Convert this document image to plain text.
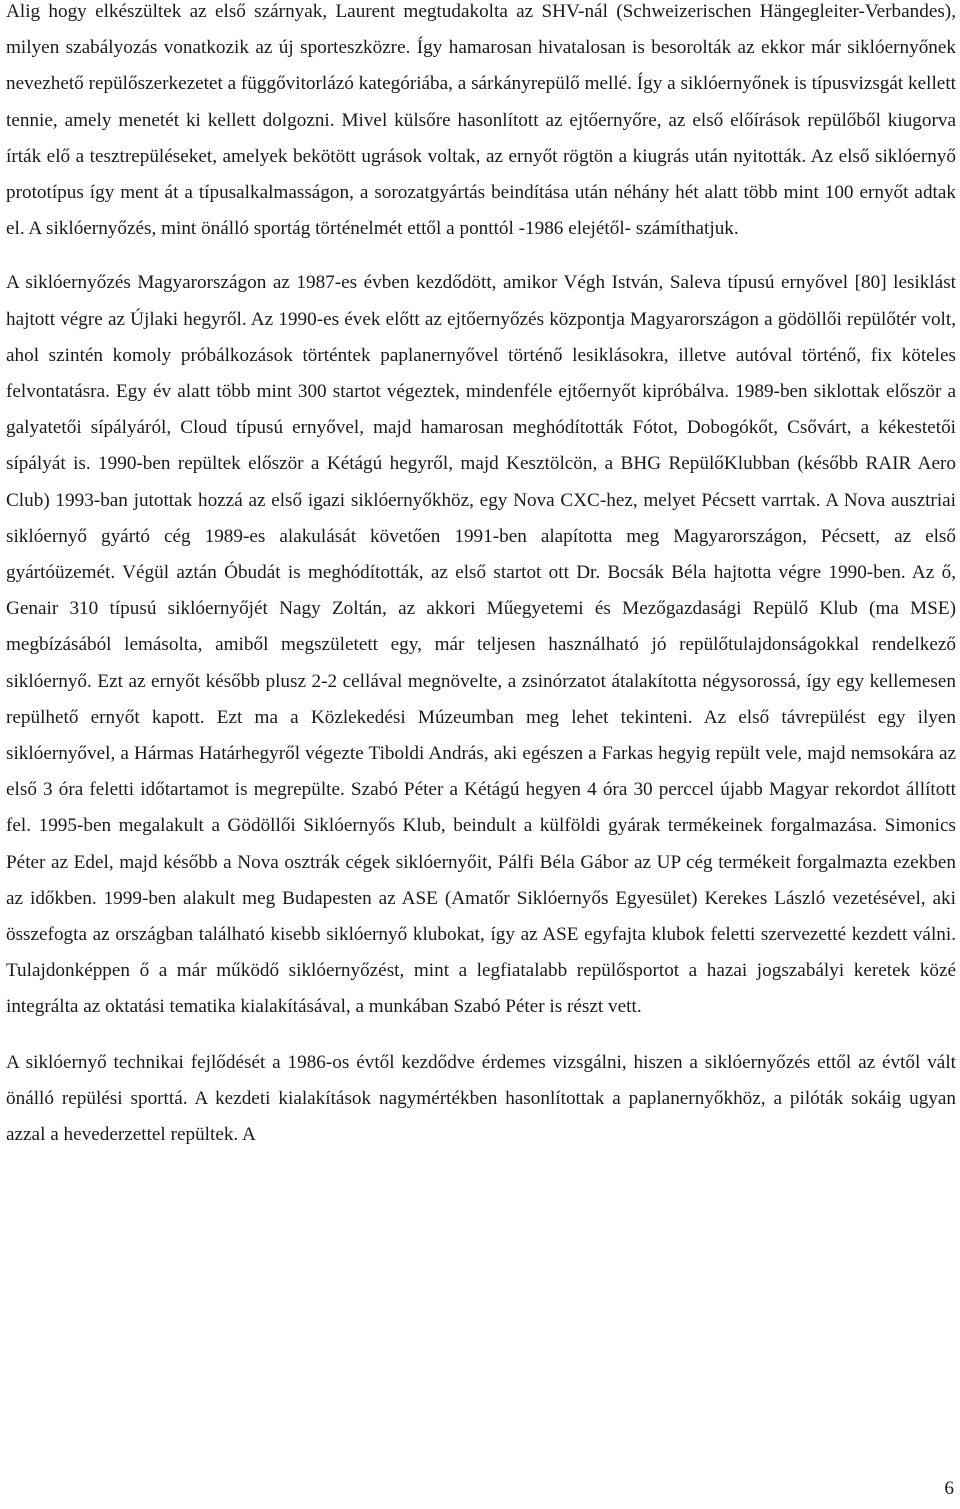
Alig hogy elkészültek az első szárnyak, Laurent megtudakolta az SHV-nál (Schweizerischen Hängegleiter-Verbandes), milyen szabályozás vonatkozik az új sporteszközre. Így hamarosan hivatalosan is besorolták az ekkor már siklóernyőnek nevezhető repülőszerkezetet a függővitorlázó kategóriába, a sárkányrepülő mellé. Így a siklóernyőnek is típusvizsgát kellett tennie, amely menetét ki kellett dolgozni. Mivel külsőre hasonlított az ejtőernyőre, az első előírások repülőből kiugorva írták elő a tesztrepüléseket, amelyek bekötött ugrások voltak, az ernyőt rögtön a kiugrás után nyitották. Az első siklóernyő prototípus így ment át a típusalkalmasságon, a sorozatgyártás beindítása után néhány hét alatt több mint 100 ernyőt adtak el. A siklóernyőzés, mint önálló sportág történelmét ettől a ponttól -1986 elejétől- számíthatjuk.

A siklóernyőzés Magyarországon az 1987-es évben kezdődött, amikor Végh István, Saleva típusú ernyővel [80] lesiklást hajtott végre az Újlaki hegyről. Az 1990-es évek előtt az ejtőernyőzés központja Magyarországon a gödöllői repülőtér volt, ahol szintén komoly próbálkozások történtek paplanernyővel történő lesiklásokra, illetve autóval történő, fix köteles felvontatásra. Egy év alatt több mint 300 startot végeztek, mindenféle ejtőernyőt kipróbálva. 1989-ben siklottak először a galyatetői sípályáról, Cloud típusú ernyővel, majd hamarosan meghódították Fótot, Dobogókőt, Csővárt, a kékestetői sípályát is. 1990-ben repültek először a Kétágú hegyről, majd Kesztölcön, a BHG RepülőKlubban (később RAIR Aero Club) 1993-ban jutottak hozzá az első igazi siklóernyőkhöz, egy Nova CXC-hez, melyet Pécsett varrtak. A Nova ausztriai siklóernyő gyártó cég 1989-es alakulását követően 1991-ben alapította meg Magyarországon, Pécsett, az első gyártóüzemét. Végül aztán Óbudát is meghódították, az első startot ott Dr. Bocsák Béla hajtotta végre 1990-ben. Az ő, Genair 310 típusú siklóernyőjét Nagy Zoltán, az akkori Műegyetemi és Mezőgazdasági Repülő Klub (ma MSE) megbízásából lemásolta, amiből megszületett egy, már teljesen használható jó repülőtulajdonságokkal rendelkező siklóernyő. Ezt az ernyőt később plusz 2-2 cellával megnövelte, a zsinórzatot átalakította négysorossá, így egy kellemesen repülhető ernyőt kapott. Ezt ma a Közlekedési Múzeumban meg lehet tekinteni. Az első távrepülést egy ilyen siklóernyővel, a Hármas Határhegyről végezte Tiboldi András, aki egészen a Farkas hegyig repült vele, majd nemsokára az első 3 óra feletti időtartamot is megrepülte. Szabó Péter a Kétágú hegyen 4 óra 30 perccel újabb Magyar rekordot állított fel. 1995-ben megalakult a Gödöllői Siklóernyős Klub, beindult a külföldi gyárak termékeinek forgalmazása. Simonics Péter az Edel, majd később a Nova osztrák cégek siklóernyőit, Pálfi Béla Gábor az UP cég termékeit forgalmazta ezekben az időkben. 1999-ben alakult meg Budapesten az ASE (Amatőr Siklóernyős Egyesület) Kerekes László vezetésével, aki összefogta az országban található kisebb siklóernyő klubokat, így az ASE egyfajta klubok feletti szervezetté kezdett válni. Tulajdonképpen ő a már működő siklóernyőzést, mint a legfiatalabb repülősportot a hazai jogszabályi keretek közé integrálta az oktatási tematika kialakításával, a munkában Szabó Péter is részt vett.

A siklóernyő technikai fejlődését a 1986-os évtől kezdődve érdemes vizsgálni, hiszen a siklóernyőzés ettől az évtől vált önálló repülési sporttá. A kezdeti kialakítások nagymértékben hasonlítottak a paplanernyőkhöz, a pilóták sokáig ugyan azzal a hevederzettel repültek. A

6
